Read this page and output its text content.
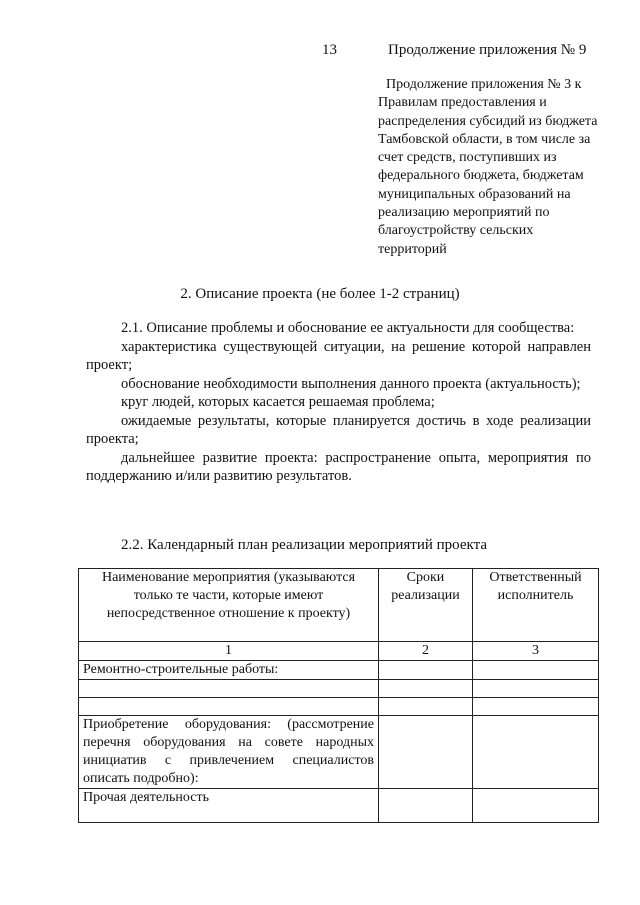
13	Продолжение приложения № 9

Продолжение приложения № 3 к Правилам предоставления и распределения субсидий из бюджета Тамбовской области, в том числе за счет средств, поступивших из федерального бюджета, бюджетам муниципальных образований на реализацию мероприятий по благоустройству сельских территорий

2. Описание проекта (не более 1-2 страниц)

2.1. Описание проблемы и обоснование ее актуальности для сообщества:

характеристика существующей ситуации, на решение которой направлен проект;

обоснование необходимости выполнения данного проекта (актуальность);

круг людей, которых касается решаемая проблема;

ожидаемые результаты, которые планируется достичь в ходе реализации проекта;

дальнейшее развитие проекта: распространение опыта, мероприятия по поддержанию и/или развитию результатов.

2.2. Календарный план реализации мероприятий проекта
Наименование мероприятия (указываются только те части, которые имеют непосредственное отношение к проекту)	Сроки реализации	Ответственный исполнитель
1	2	3
Ремонтно-строительные работы:		

Приобретение оборудования: (рассмотрение перечня оборудования на совете народных инициатив с привлечением специалистов описать подробно):		
Прочая деятельность		
